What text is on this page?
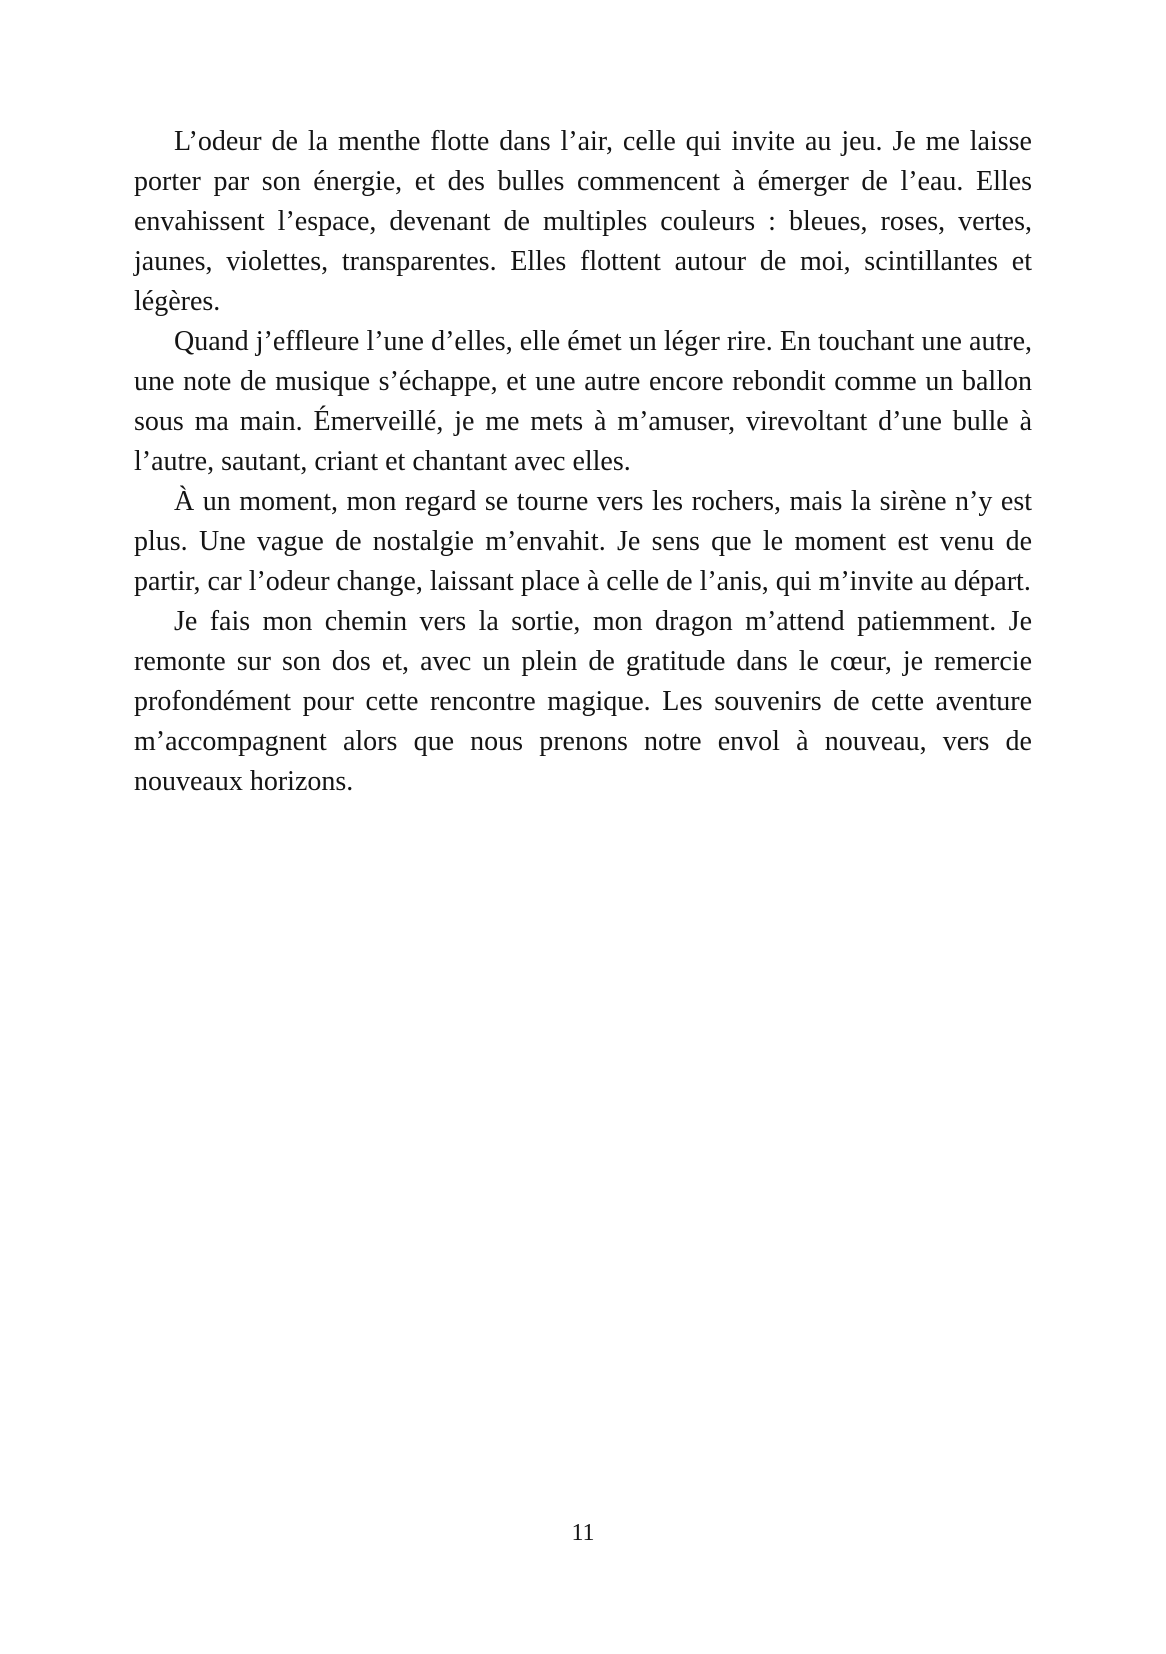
L’odeur de la menthe flotte dans l’air, celle qui invite au jeu. Je me laisse porter par son énergie, et des bulles commencent à émerger de l’eau. Elles envahissent l’espace, devenant de multiples couleurs : bleues, roses, vertes, jaunes, violettes, transparentes. Elles flottent autour de moi, scintillantes et légères.

Quand j’effleure l’une d’elles, elle émet un léger rire. En touchant une autre, une note de musique s’échappe, et une autre encore rebondit comme un ballon sous ma main. Émerveillé, je me mets à m’amuser, virevoltant d’une bulle à l’autre, sautant, criant et chantant avec elles.

À un moment, mon regard se tourne vers les rochers, mais la sirène n’y est plus. Une vague de nostalgie m’envahit. Je sens que le moment est venu de partir, car l’odeur change, laissant place à celle de l’anis, qui m’invite au départ.

Je fais mon chemin vers la sortie, mon dragon m’attend patiemment. Je remonte sur son dos et, avec un plein de gratitude dans le cœur, je remercie profondément pour cette rencontre magique. Les souvenirs de cette aventure m’accompagnent alors que nous prenons notre envol à nouveau, vers de nouveaux horizons.

11
